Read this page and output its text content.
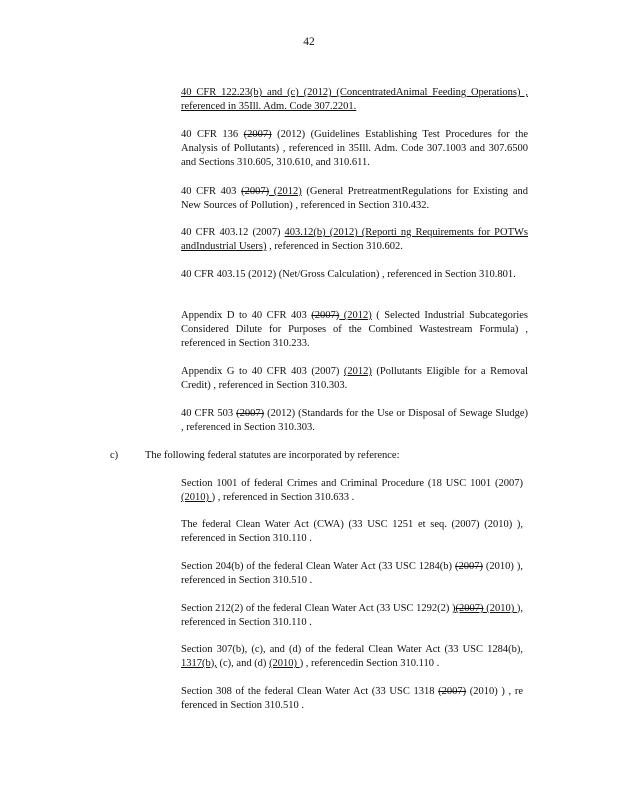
42
40 CFR 122.23(b) and (c) (2012) (ConcentratedAnimal Feeding Operations) , referenced in 35Ill. Adm. Code 307.2201.
40 CFR 136 (2007) (2012) (Guidelines Establishing Test Procedures for the Analysis of Pollutants) , referenced in 35Ill. Adm. Code 307.1003 and 307.6500 and Sections 310.605, 310.610, and 310.611.
40 CFR 403 (2007) (2012) (General PretreatmentRegulations for Existing and New Sources of Pollution) , referenced in Section 310.432.
40 CFR 403.12 (2007) 403.12(b) (2012) (Reporti ng Requirements for POTWs andIndustrial Users) , referenced in Section 310.602.
40 CFR 403.15 (2012) (Net/Gross Calculation) , referenced in Section 310.801.
Appendix D to 40 CFR 403 (2007) (2012) ( Selected Industrial Subcategories Considered Dilute for Purposes of the Combined Wastestream Formula) , referenced in Section 310.233.
Appendix G to 40 CFR 403 (2007) (2012) (Pollutants Eligible for a Removal Credit) , referenced in Section 310.303.
40 CFR 503 (2007) (2012) (Standards for the Use or Disposal of Sewage Sludge) , referenced in Section 310.303.
c)	The following federal statutes are incorporated by reference:
Section 1001 of federal Crimes and Criminal Procedure (18 USC 1001 (2007) (2010) ) , referenced in Section 310.633 .
The federal Clean Water Act (CWA) (33 USC 1251 et seq. (2007) (2010) ), referenced in Section 310.110 .
Section 204(b) of the federal Clean Water Act (33 USC 1284(b) (2007) (2010) ), referenced in Section 310.510 .
Section 212(2) of the federal Clean Water Act (33 USC 1292(2) )(2007) (2010) ), referenced in Section 310.110 .
Section 307(b), (c), and (d) of the federal Clean Water Act (33 USC 1284(b), 1317(b), (c), and (d) (2010) ) , referencedin Section 310.110 .
Section 308 of the federal Clean Water Act (33 USC 1318 (2007) (2010) ) , re ferenced in Section 310.510 .
